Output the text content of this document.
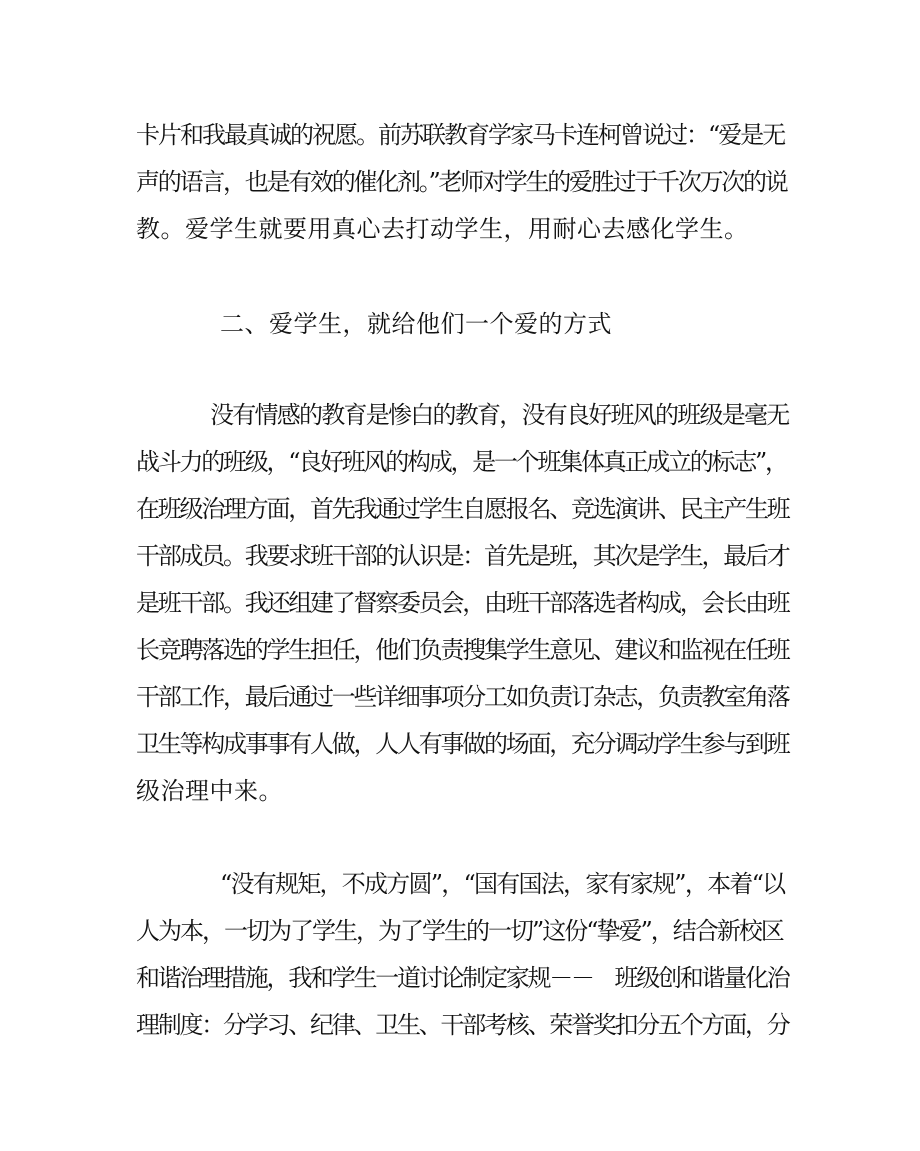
卡片和我最真诚的祝愿。前苏联教育学家马卡连柯曾说过：“爱是无
声的语言，也是有效的催化剂。”老师对学生的爱胜过于千次万次的说
教。爱学生就要用真心去打动学生，用耐心去感化学生。
二、爱学生，就给他们一个爱的方式
没有情感的教育是惨白的教育，没有良好班风的班级是毫无
战斗力的班级，“良好班风的构成，是一个班集体真正成立的标志”，
在班级治理方面，首先我通过学生自愿报名、竞选演讲、民主产生班
干部成员。我要求班干部的认识是：首先是班，其次是学生，最后才
是班干部。我还组建了督察委员会，由班干部落选者构成，会长由班
长竞聘落选的学生担任，他们负责搜集学生意见、建议和监视在任班
干部工作，最后通过一些详细事项分工如负责订杂志，负责教室角落
卫生等构成事事有人做，人人有事做的场面，充分调动学生参与到班
级治理中来。
“没有规矩，不成方圆”，“国有国法，家有家规”，本着“以
人为本，一切为了学生，为了学生的一切”这份“挚爱”，结合新校区
和谐治理措施，我和学生一道讨论制定家规－－　班级创和谐量化治
理制度：分学习、纪律、卫生、干部考核、荣誉奖扣分五个方面，分
